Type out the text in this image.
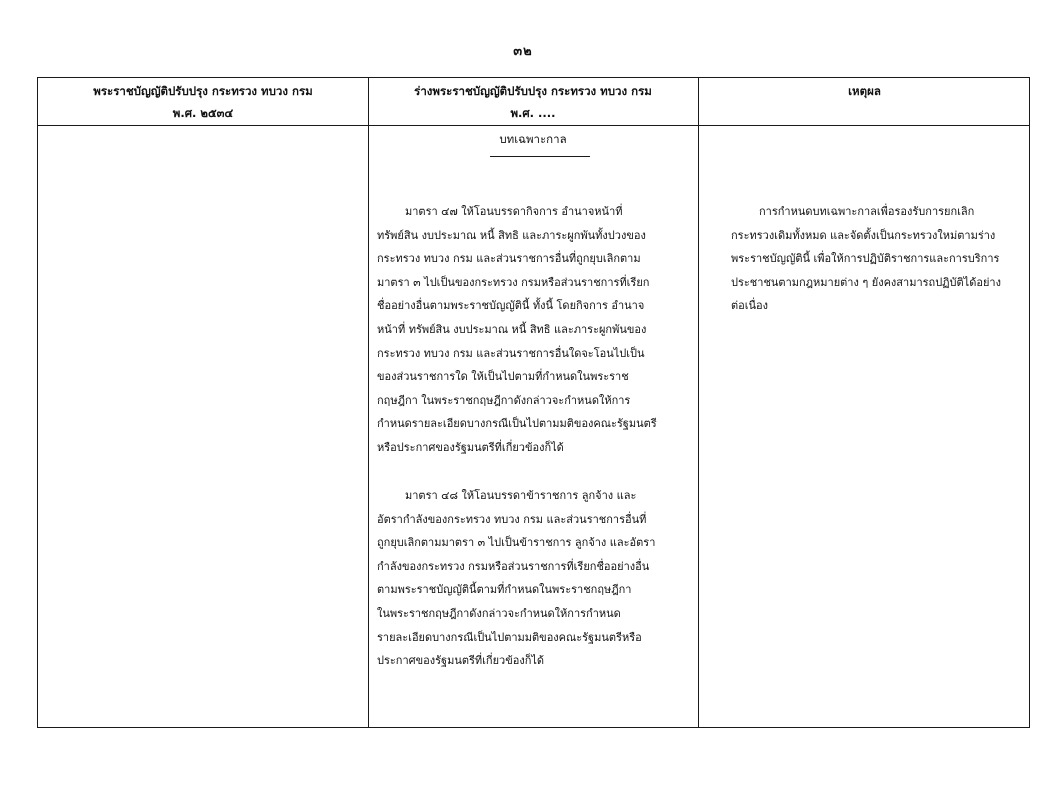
๓๒
พระราชบัญญัติปรับปรุง กระทรวง ทบวง กรม
พ.ศ. ๒๕๓๔
ร่างพระราชบัญญัติปรับปรุง กระทรวง ทบวง กรม
พ.ศ. ....
เหตุผล
บทเฉพาะกาล
มาตรา ๔๗ ให้โอนบรรดากิจการ อำนาจหน้าที่
ทรัพย์สิน งบประมาณ หนี้ สิทธิ และภาระผูกพันทั้งปวงของ
กระทรวง ทบวง กรม และส่วนราชการอื่นที่ถูกยุบเลิกตาม
มาตรา ๓ ไปเป็นของกระทรวง กรมหรือส่วนราชการที่เรียก
ชื่ออย่างอื่นตามพระราชบัญญัตินี้ ทั้งนี้ โดยกิจการ อำนาจ
หน้าที่ ทรัพย์สิน งบประมาณ หนี้ สิทธิ และภาระผูกพันของ
กระทรวง ทบวง กรม และส่วนราชการอื่นใดจะโอนไปเป็น
ของส่วนราชการใด ให้เป็นไปตามที่กำหนดในพระราช
กฤษฎีกา ในพระราชกฤษฎีกาดังกล่าวจะกำหนดให้การ
กำหนดรายละเอียดบางกรณีเป็นไปตามมติของคณะรัฐมนตรี
หรือประกาศของรัฐมนตรีที่เกี่ยวข้องก็ได้
มาตรา ๔๘ ให้โอนบรรดาข้าราชการ ลูกจ้าง และ
อัตรากำลังของกระทรวง ทบวง กรม และส่วนราชการอื่นที่
ถูกยุบเลิกตามมาตรา ๓ ไปเป็นข้าราชการ ลูกจ้าง และอัตรา
กำลังของกระทรวง กรมหรือส่วนราชการที่เรียกชื่ออย่างอื่น
ตามพระราชบัญญัตินี้ตามที่กำหนดในพระราชกฤษฎีกา
ในพระราชกฤษฎีกาดังกล่าวจะกำหนดให้การกำหนด
รายละเอียดบางกรณีเป็นไปตามมติของคณะรัฐมนตรีหรือ
ประกาศของรัฐมนตรีที่เกี่ยวข้องก็ได้
การกำหนดบทเฉพาะกาลเพื่อรองรับการยกเลิก
กระทรวงเดิมทั้งหมด และจัดตั้งเป็นกระทรวงใหม่ตามร่าง
พระราชบัญญัตินี้ เพื่อให้การปฏิบัติราชการและการบริการ
ประชาชนตามกฎหมายต่าง ๆ ยังคงสามารถปฏิบัติได้อย่าง
ต่อเนื่อง
